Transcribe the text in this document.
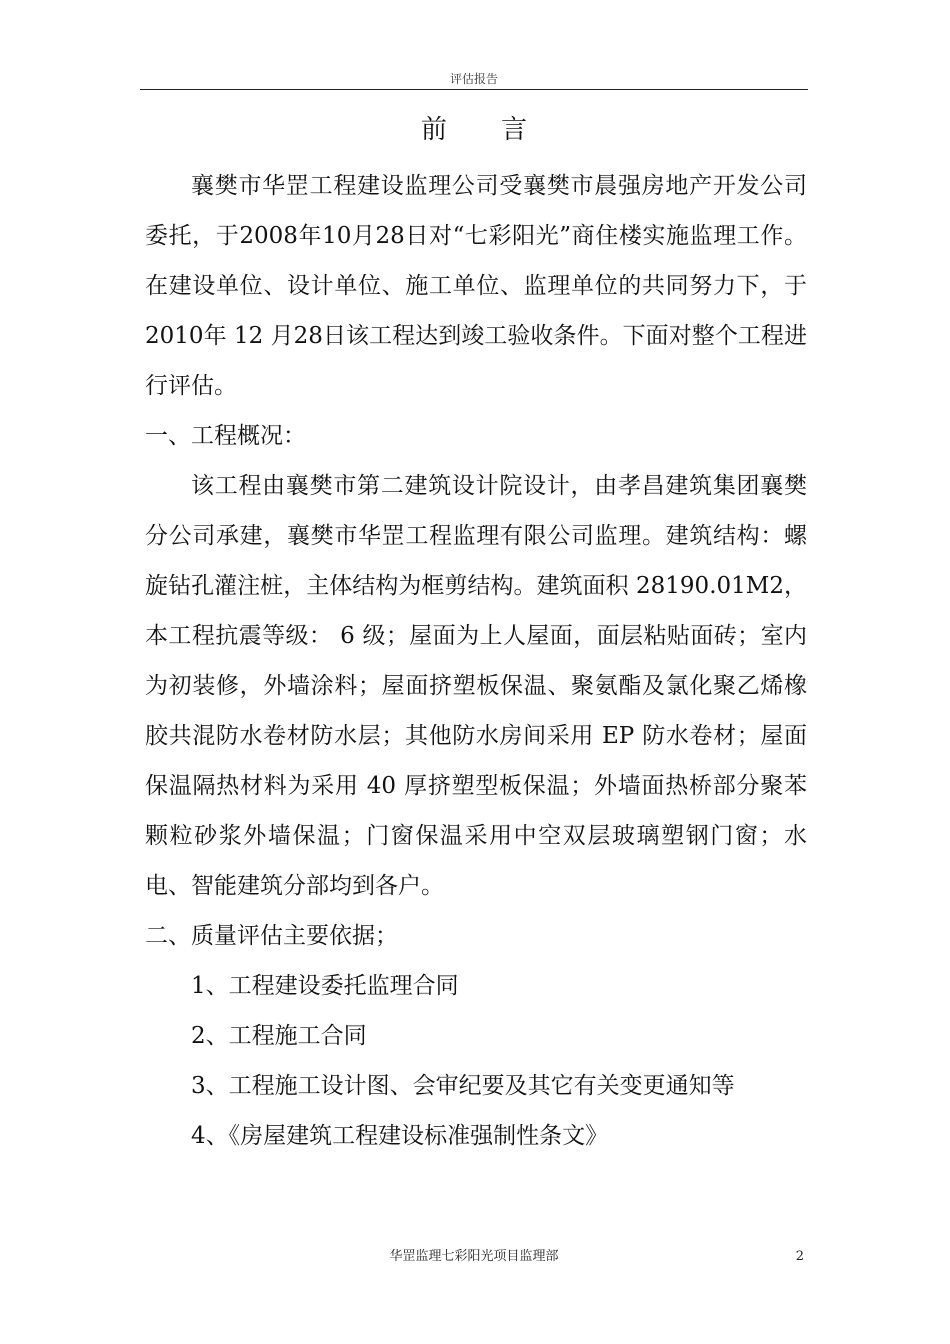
评估报告
前言

襄樊市华罡工程建设监理公司受襄樊市晨强房地产开发公司委托，于2008年10月28日对“七彩阳光”商住楼实施监理工作。在建设单位、设计单位、施工单位、监理单位的共同努力下，于2010年 12 月28日该工程达到竣工验收条件。下面对整个工程进行评估。

一、工程概况：

该工程由襄樊市第二建筑设计院设计，由孝昌建筑集团襄樊分公司承建，襄樊市华罡工程监理有限公司监理。建筑结构：螺旋钻孔灌注桩，主体结构为框剪结构。建筑面积 28190.01M2，本工程抗震等级： 6 级；屋面为上人屋面，面层粘贴面砖；室内为初装修，外墙涂料；屋面挤塑板保温、聚氨酯及氯化聚乙烯橡胶共混防水卷材防水层；其他防水房间采用 EP 防水卷材；屋面保温隔热材料为采用 40 厚挤塑型板保温；外墙面热桥部分聚苯颗粒砂浆外墙保温；门窗保温采用中空双层玻璃塑钢门窗；水电、智能建筑分部均到各户。

二、质量评估主要依据；

1、工程建设委托监理合同

2、工程施工合同

3、工程施工设计图、会审纪要及其它有关变更通知等

4、《房屋建筑工程建设标准强制性条文》

华罡监理七彩阳光项目监理部	2
